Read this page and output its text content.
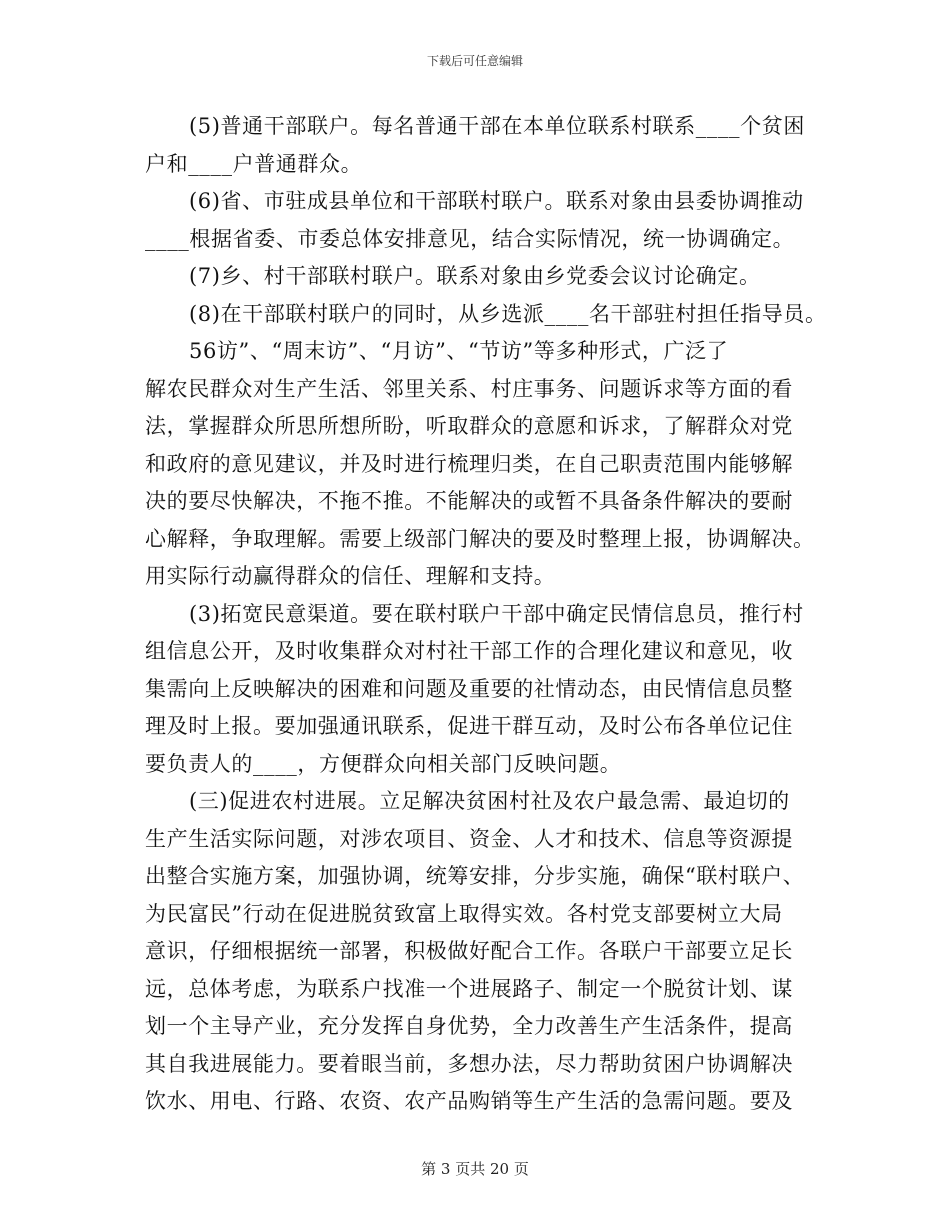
下载后可任意编辑
(5)普通干部联户。每名普通干部在本单位联系村联系____个贫困
户和____户普通群众。
(6)省、市驻成县单位和干部联村联户。联系对象由县委协调推动
____根据省委、市委总体安排意见，结合实际情况，统一协调确定。
(7)乡、村干部联村联户。联系对象由乡党委会议讨论确定。
(8)在干部联村联户的同时，从乡选派____名干部驻村担任指导员。
56访”、“周末访”、“月访”、“节访”等多种形式，广泛了
解农民群众对生产生活、邻里关系、村庄事务、问题诉求等方面的看
法，掌握群众所思所想所盼，听取群众的意愿和诉求，了解群众对党
和政府的意见建议，并及时进行梳理归类，在自己职责范围内能够解
决的要尽快解决，不拖不推。不能解决的或暂不具备条件解决的要耐
心解释，争取理解。需要上级部门解决的要及时整理上报，协调解决。
用实际行动赢得群众的信任、理解和支持。
(3)拓宽民意渠道。要在联村联户干部中确定民情信息员，推行村
组信息公开，及时收集群众对村社干部工作的合理化建议和意见，收
集需向上反映解决的困难和问题及重要的社情动态，由民情信息员整
理及时上报。要加强通讯联系，促进干群互动，及时公布各单位记住
要负责人的____，方便群众向相关部门反映问题。
(三)促进农村进展。立足解决贫困村社及农户最急需、最迫切的
生产生活实际问题，对涉农项目、资金、人才和技术、信息等资源提
出整合实施方案，加强协调，统筹安排，分步实施，确保“联村联户、
为民富民”行动在促进脱贫致富上取得实效。各村党支部要树立大局
意识，仔细根据统一部署，积极做好配合工作。各联户干部要立足长
远，总体考虑，为联系户找准一个进展路子、制定一个脱贫计划、谋
划一个主导产业，充分发挥自身优势，全力改善生产生活条件，提高
其自我进展能力。要着眼当前，多想办法，尽力帮助贫困户协调解决
饮水、用电、行路、农资、农产品购销等生产生活的急需问题。要及
第 3 页共 20 页
